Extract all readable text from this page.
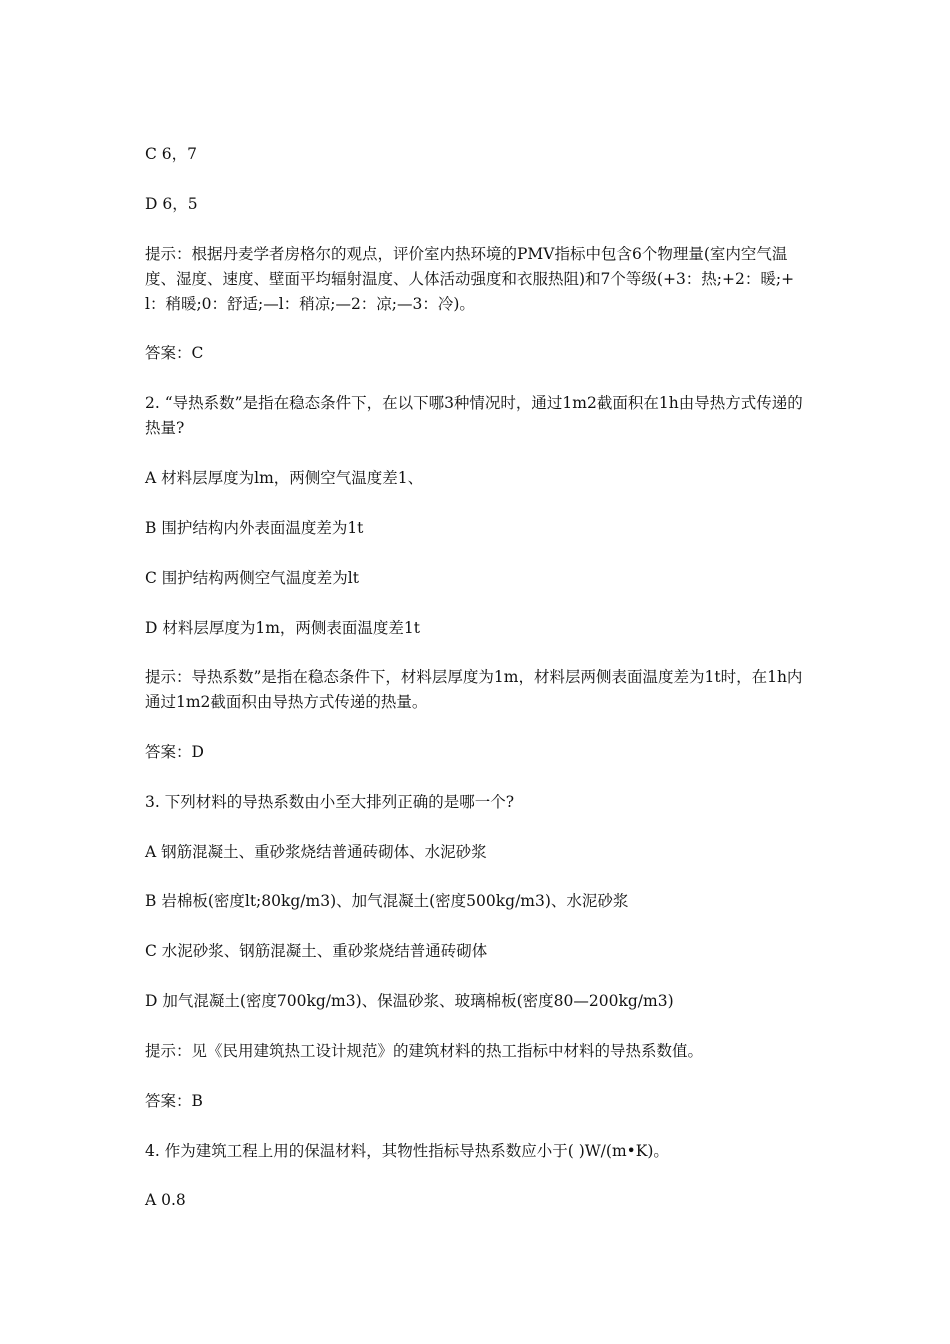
C 6，7

D 6，5

提示：根据丹麦学者房格尔的观点，评价室内热环境的PMV指标中包含6个物理量(室内空气温度、湿度、速度、壁面平均辐射温度、人体活动强度和衣服热阻)和7个等级(+3：热;+2：暖;+l：稍暖;0：舒适;—l：稍凉;—2：凉;—3：冷)。

答案：C

2. “导热系数”是指在稳态条件下，在以下哪3种情况时，通过1m2截面积在1h由导热方式传递的热量?

A 材料层厚度为lm，两侧空气温度差1、

B 围护结构内外表面温度差为1t

C 围护结构两侧空气温度差为lt

D 材料层厚度为1m，两侧表面温度差1t

提示：导热系数”是指在稳态条件下，材料层厚度为1m，材料层两侧表面温度差为1t时，在1h内通过1m2截面积由导热方式传递的热量。

答案：D

3. 下列材料的导热系数由小至大排列正确的是哪一个?

A 钢筋混凝土、重砂浆烧结普通砖砌体、水泥砂浆

B 岩棉板(密度lt;80kg/m3)、加气混凝土(密度500kg/m3)、水泥砂浆

C 水泥砂浆、钢筋混凝土、重砂浆烧结普通砖砌体

D 加气混凝土(密度700kg/m3)、保温砂浆、玻璃棉板(密度80—200kg/m3)

提示：见《民用建筑热工设计规范》的建筑材料的热工指标中材料的导热系数值。

答案：B

4. 作为建筑工程上用的保温材料，其物性指标导热系数应小于( )W/(m•K)。

A 0.8
